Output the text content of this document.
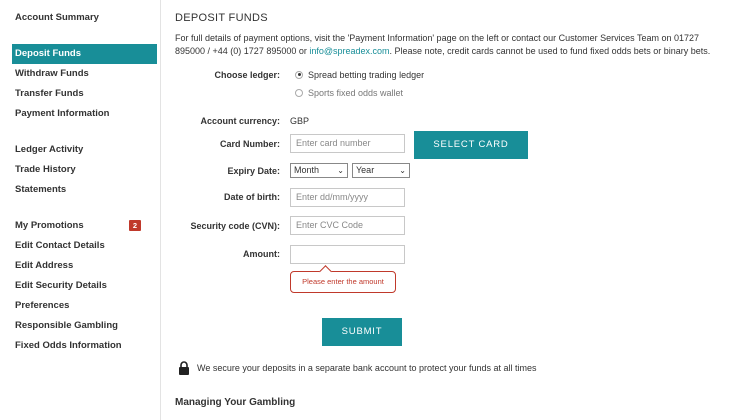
Account Summary
Deposit Funds
Withdraw Funds
Transfer Funds
Payment Information
Ledger Activity
Trade History
Statements
My Promotions	2
Edit Contact Details
Edit Address
Edit Security Details
Preferences
Responsible Gambling
Fixed Odds Information
DEPOSIT FUNDS
For full details of payment options, visit the 'Payment Information' page on the left or contact our Customer Services Team on 01727 895000 / +44 (0) 1727 895000 or info@spreadex.com. Please note, credit cards cannot be used to fund fixed odds bets or binary bets.
Choose ledger:	Spread betting trading ledger
Sports fixed odds wallet
Account currency: GBP
Card Number:	Enter card number	SELECT CARD
Expiry Date:	Month ⌄	Year	⌄
Date of birth:	Enter dd/mm/yyyy
Security code (CVN):	Enter CVC Code
Amount:
Please enter the amount
SUBMIT
We secure your deposits in a separate bank account to protect your funds at all times
Managing Your Gambling
